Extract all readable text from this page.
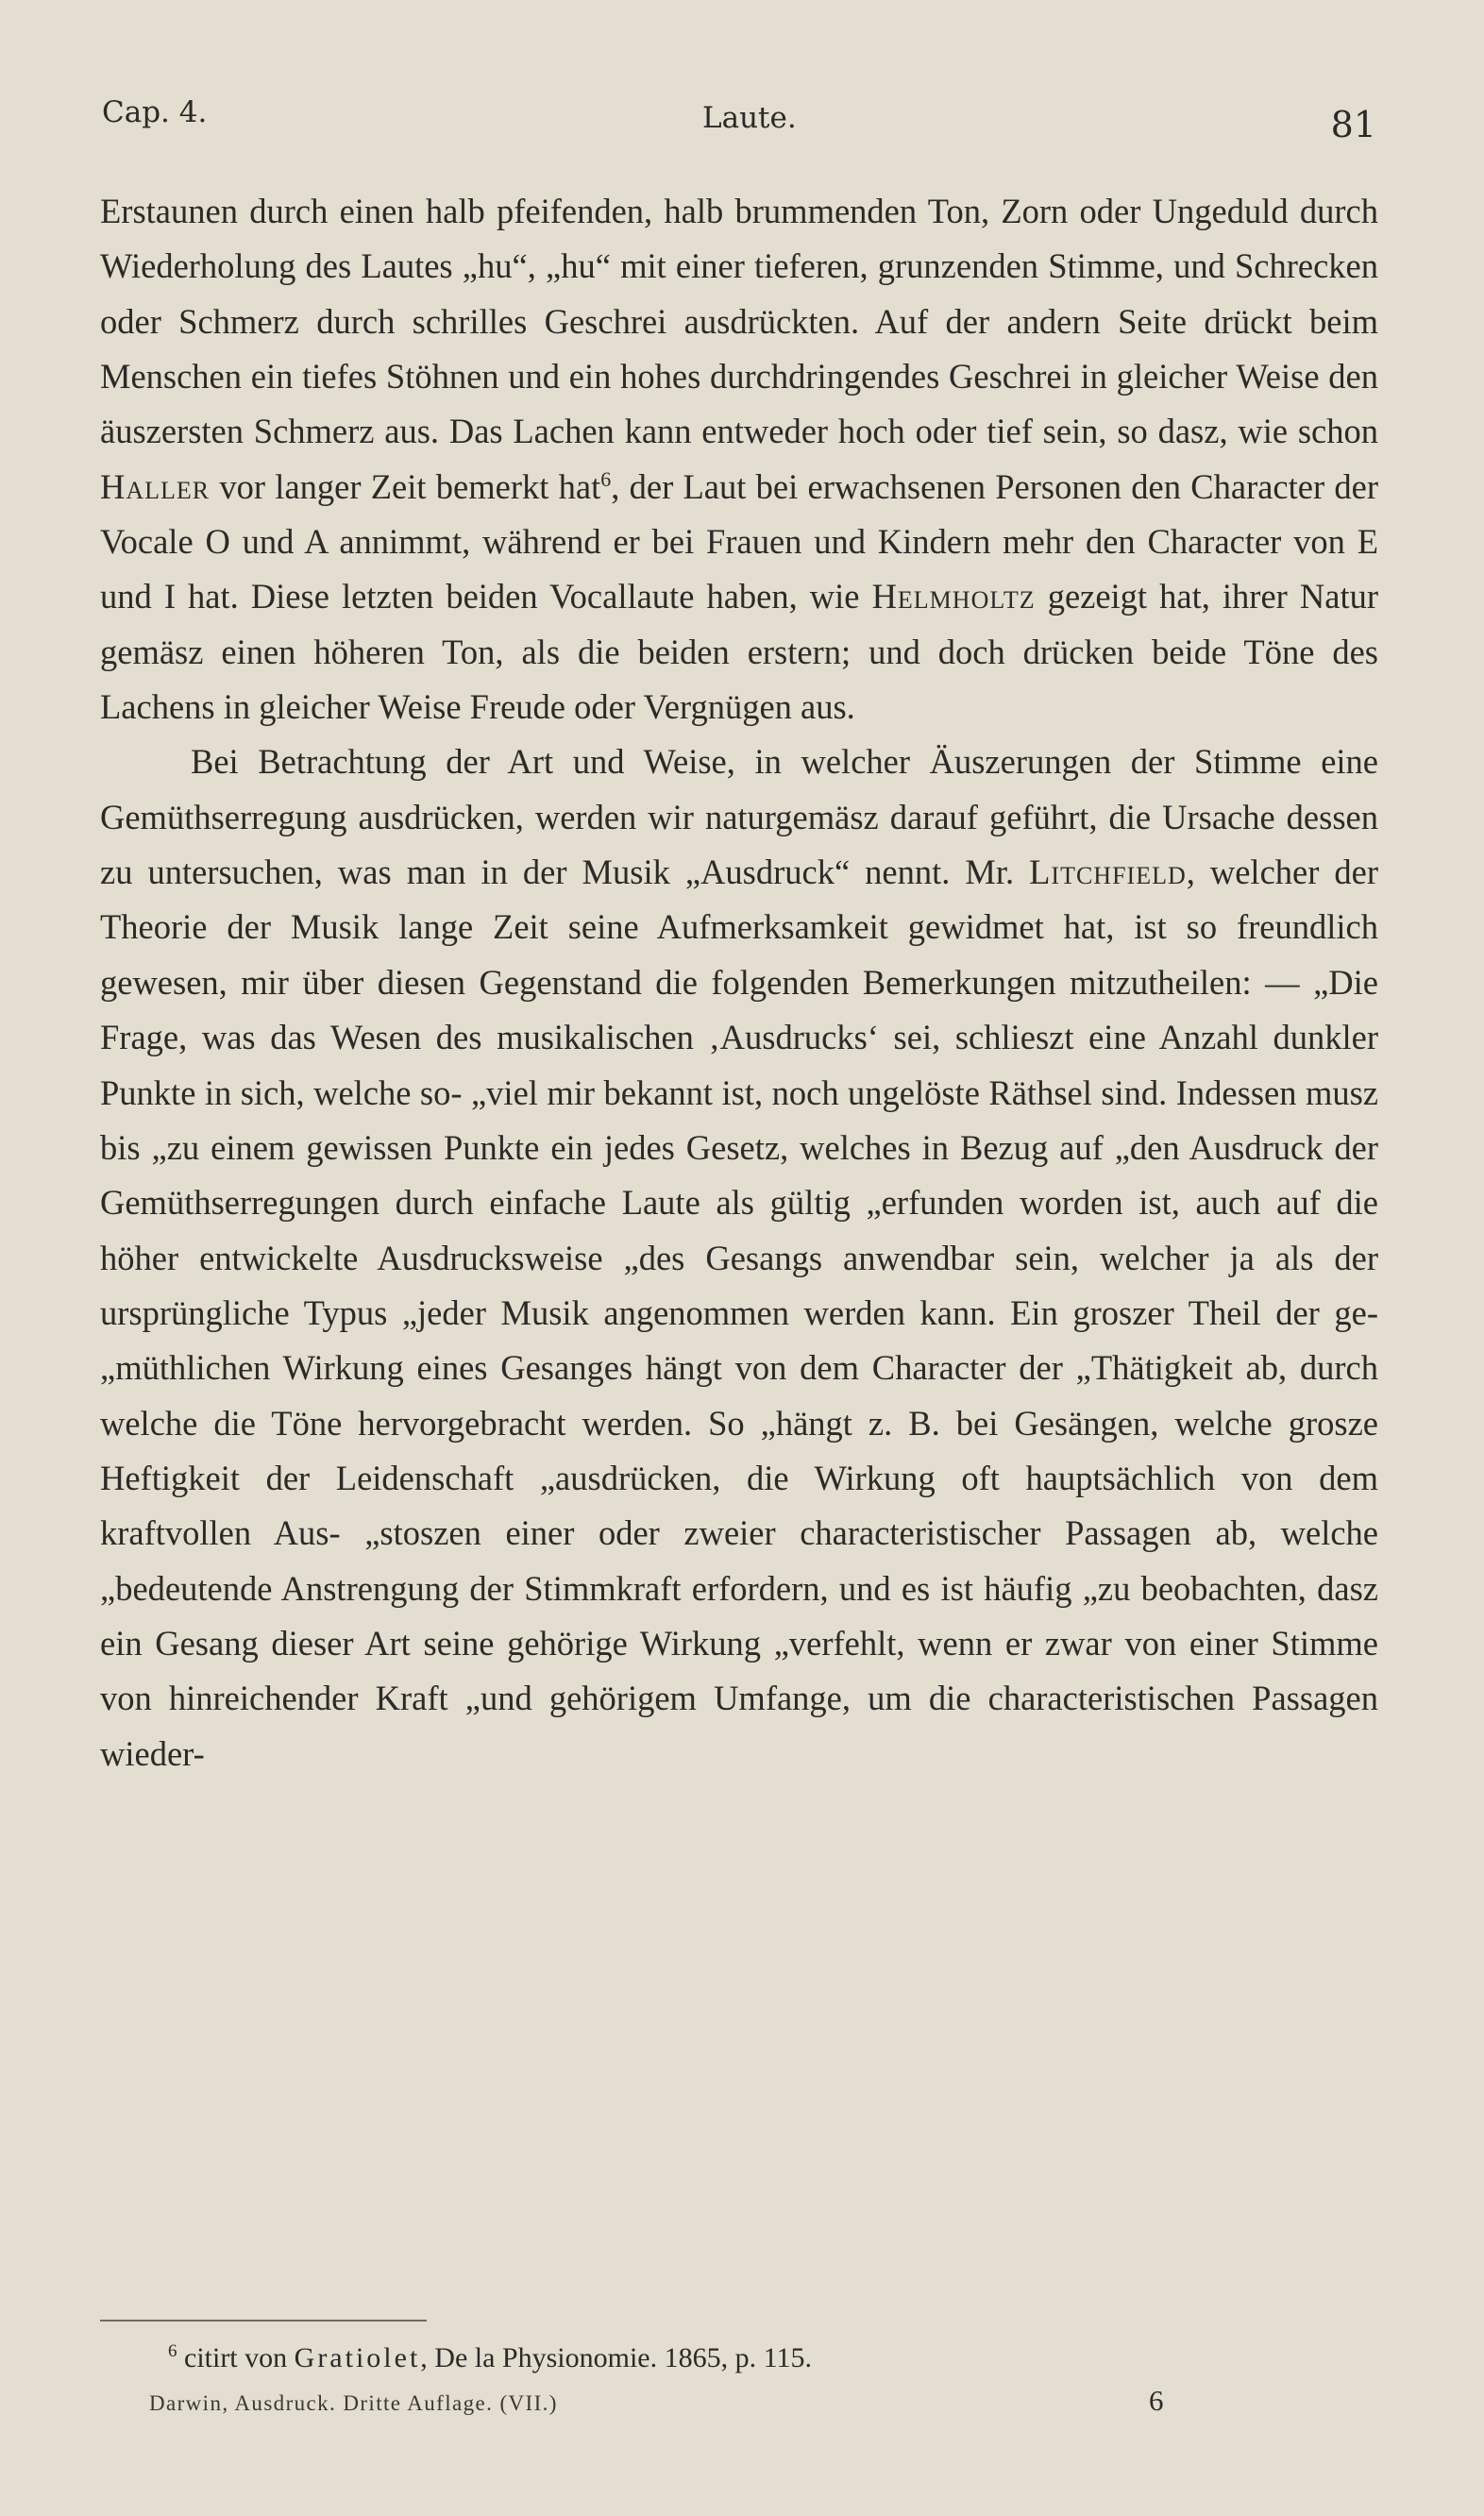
Cap. 4.	Laute.	81

Erstaunen durch einen halb pfeifenden, halb brummenden Ton, Zorn oder Ungeduld durch Wiederholung des Lautes „hu“, „hu“ mit einer tieferen, grunzenden Stimme, und Schrecken oder Schmerz durch schrilles Geschrei ausdrückten. Auf der andern Seite drückt beim Menschen ein tiefes Stöhnen und ein hohes durchdringendes Geschrei in gleicher Weise den äuszersten Schmerz aus. Das Lachen kann entweder hoch oder tief sein, so dasz, wie schon Haller vor langer Zeit bemerkt hat$^6$, der Laut bei erwachsenen Personen den Character der Vocale O und A annimmt, während er bei Frauen und Kindern mehr den Character von E und I hat. Diese letzten beiden Vocallaute haben, wie Helmholtz gezeigt hat, ihrer Natur gemäsz einen höheren Ton, als die beiden erstern; und doch drücken beide Töne des Lachens in gleicher Weise Freude oder Vergnügen aus.

Bei Betrachtung der Art und Weise, in welcher Äuszerungen der Stimme eine Gemüthserregung ausdrücken, werden wir naturgemäsz darauf geführt, die Ursache dessen zu untersuchen, was man in der Musik „Ausdruck“ nennt. Mr. Litchfield, welcher der Theorie der Musik lange Zeit seine Aufmerksamkeit gewidmet hat, ist so freundlich gewesen, mir über diesen Gegenstand die folgenden Bemerkungen mitzutheilen: — „Die Frage, was das Wesen des musikalischen ‚Ausdrucks‘ sei, schlieszt eine Anzahl dunkler Punkte in sich, welche so- „viel mir bekannt ist, noch ungelöste Räthsel sind. Indessen musz bis „zu einem gewissen Punkte ein jedes Gesetz, welches in Bezug auf „den Ausdruck der Gemüthserregungen durch einfache Laute als gültig „erfunden worden ist, auch auf die höher entwickelte Ausdrucksweise „des Gesangs anwendbar sein, welcher ja als der ursprüngliche Typus „jeder Musik angenommen werden kann. Ein groszer Theil der ge- „müthlichen Wirkung eines Gesanges hängt von dem Character der „Thätigkeit ab, durch welche die Töne hervorgebracht werden. So „hängt z. B. bei Gesängen, welche grosze Heftigkeit der Leidenschaft „ausdrücken, die Wirkung oft hauptsächlich von dem kraftvollen Aus- „stoszen einer oder zweier characteristischer Passagen ab, welche „bedeutende Anstrengung der Stimmkraft erfordern, und es ist häufig „zu beobachten, dasz ein Gesang dieser Art seine gehörige Wirkung „verfehlt, wenn er zwar von einer Stimme von hinreichender Kraft „und gehörigem Umfange, um die characteristischen Passagen wieder-

$^6$ citirt von Gratiolet, De la Physionomie. 1865, p. 115.
Darwin, Ausdruck. Dritte Auflage. (VII.)	6
